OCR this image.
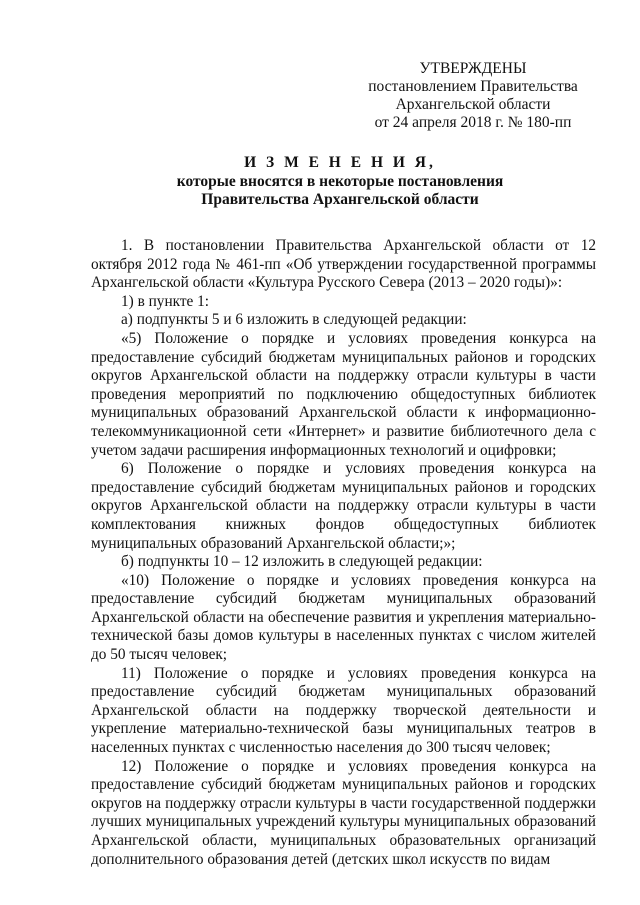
УТВЕРЖДЕНЫ
постановлением Правительства
Архангельской области
от 24 апреля 2018 г. № 180-пп
И З М Е Н Е Н И Я,
которые вносятся в некоторые постановления
Правительства Архангельской области

1. В постановлении Правительства Архангельской области от 12 октября 2012 года № 461-пп «Об утверждении государственной программы Архангельской области «Культура Русского Севера (2013 – 2020 годы)»:

1) в пункте 1:

а) подпункты 5 и 6 изложить в следующей редакции:

«5) Положение о порядке и условиях проведения конкурса на предоставление субсидий бюджетам муниципальных районов и городских округов Архангельской области на поддержку отрасли культуры в части проведения мероприятий по подключению общедоступных библиотек муниципальных образований Архангельской области к информационно-телекоммуникационной сети «Интернет» и развитие библиотечного дела с учетом задачи расширения информационных технологий и оцифровки;

6) Положение о порядке и условиях проведения конкурса на предоставление субсидий бюджетам муниципальных районов и городских округов Архангельской области на поддержку отрасли культуры в части комплектования книжных фондов общедоступных библиотек муниципальных образований Архангельской области;»;

б) подпункты 10 – 12 изложить в следующей редакции:

«10) Положение о порядке и условиях проведения конкурса на предоставление субсидий бюджетам муниципальных образований Архангельской области на обеспечение развития и укрепления материально-технической базы домов культуры в населенных пунктах с числом жителей до 50 тысяч человек;

11) Положение о порядке и условиях проведения конкурса на предоставление субсидий бюджетам муниципальных образований Архангельской области на поддержку творческой деятельности и укрепление материально-технической базы муниципальных театров в населенных пунктах с численностью населения до 300 тысяч человек;

12) Положение о порядке и условиях проведения конкурса на предоставление субсидий бюджетам муниципальных районов и городских округов на поддержку отрасли культуры в части государственной поддержки лучших муниципальных учреждений культуры муниципальных образований Архангельской области, муниципальных образовательных организаций дополнительного образования детей (детских школ искусств по видам
